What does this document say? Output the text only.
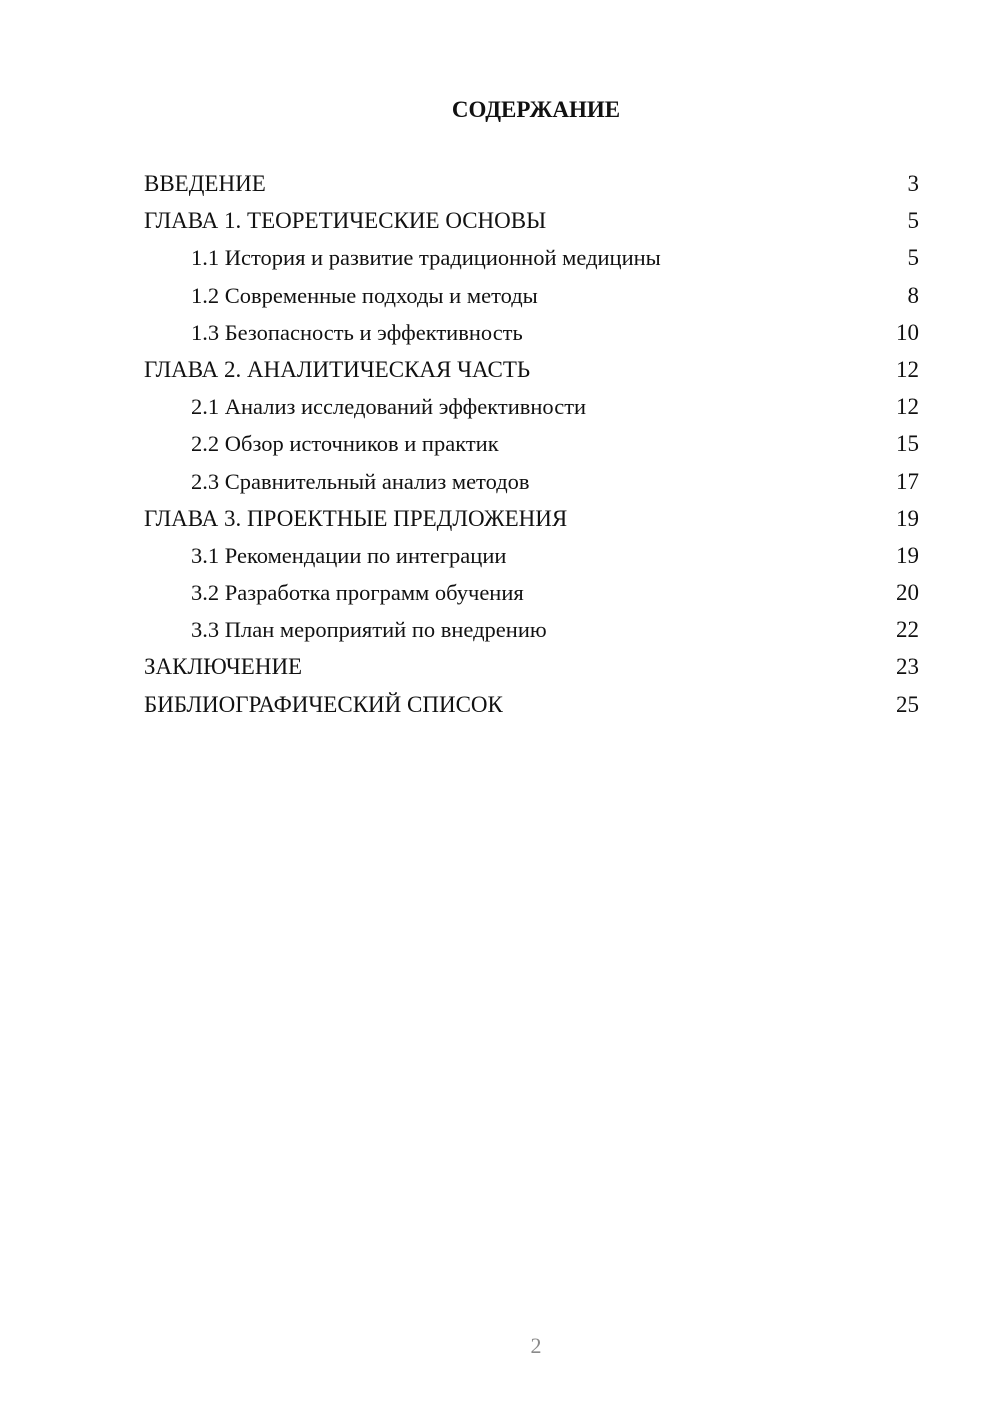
СОДЕРЖАНИЕ
ВВЕДЕНИЕ	3
ГЛАВА 1. ТЕОРЕТИЧЕСКИЕ ОСНОВЫ	5
1.1 История и развитие традиционной медицины	5
1.2 Современные подходы и методы	8
1.3 Безопасность и эффективность	10
ГЛАВА 2. АНАЛИТИЧЕСКАЯ ЧАСТЬ	12
2.1 Анализ исследований эффективности	12
2.2 Обзор источников и практик	15
2.3 Сравнительный анализ методов	17
ГЛАВА 3. ПРОЕКТНЫЕ ПРЕДЛОЖЕНИЯ	19
3.1 Рекомендации по интеграции	19
3.2 Разработка программ обучения	20
3.3 План мероприятий по внедрению	22
ЗАКЛЮЧЕНИЕ	23
БИБЛИОГРАФИЧЕСКИЙ СПИСОК	25
2
